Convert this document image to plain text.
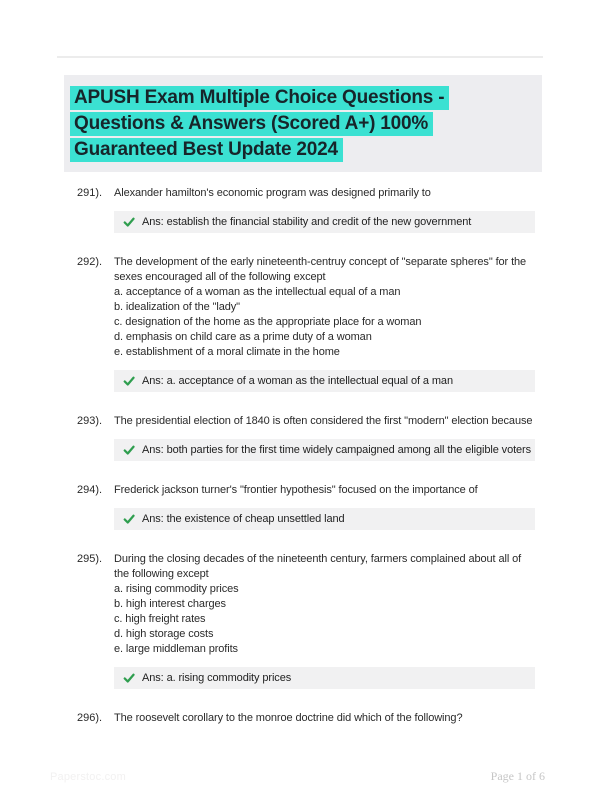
APUSH Exam Multiple Choice Questions -
Questions & Answers (Scored A+) 100%
Guaranteed Best Update 2024
291).	Alexander hamilton's economic program was designed primarily to
Ans: establish the financial stability and credit of the new government
292).	The development of the early nineteenth-centruy concept of "separate spheres" for the
sexes encouraged all of the following except
a. acceptance of a woman as the intellectual equal of a man
b. idealization of the "lady"
c. designation of the home as the appropriate place for a woman
d. emphasis on child care as a prime duty of a woman
e. establishment of a moral climate in the home
Ans: a. acceptance of a woman as the intellectual equal of a man
293).	The presidential election of 1840 is often considered the first "modern" election because
Ans: both parties for the first time widely campaigned among all the eligible voters
294).	Frederick jackson turner's "frontier hypothesis" focused on the importance of
Ans: the existence of cheap unsettled land
295).	During the closing decades of the nineteenth century, farmers complained about all of
the following except
a. rising commodity prices
b. high interest charges
c. high freight rates
d. high storage costs
e. large middleman profits
Ans: a. rising commodity prices
296).	The roosevelt corollary to the monroe doctrine did which of the following?
Paperstoc.com	Page 1 of 6
